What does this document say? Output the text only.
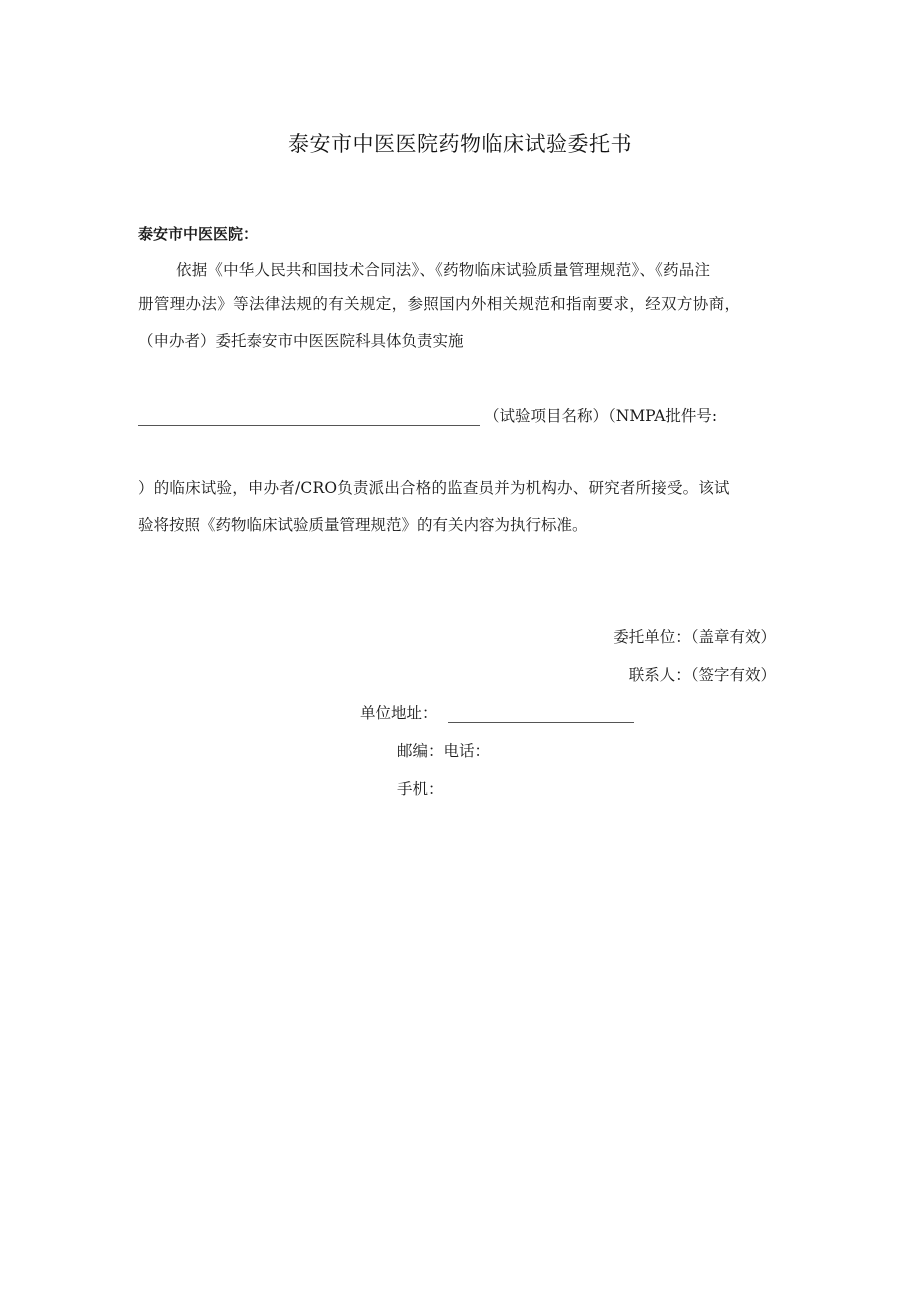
泰安市中医医院药物临床试验委托书
泰安市中医医院：
依据《中华人民共和国技术合同法》、《药物临床试验质量管理规范》、《药品注
册管理办法》等法律法规的有关规定，参照国内外相关规范和指南要求，经双方协商，
（申办者）委托泰安市中医医院科具体负责实施
（试验项目名称）（NMPA批件号:
）的临床试验，申办者/CRO负责派出合格的监查员并为机构办、研究者所接受。该试
验将按照《药物临床试验质量管理规范》的有关内容为执行标准。
委托单位：（盖章有效）
联系人：（签字有效）
单位地址：
邮编：电话：
手机：
